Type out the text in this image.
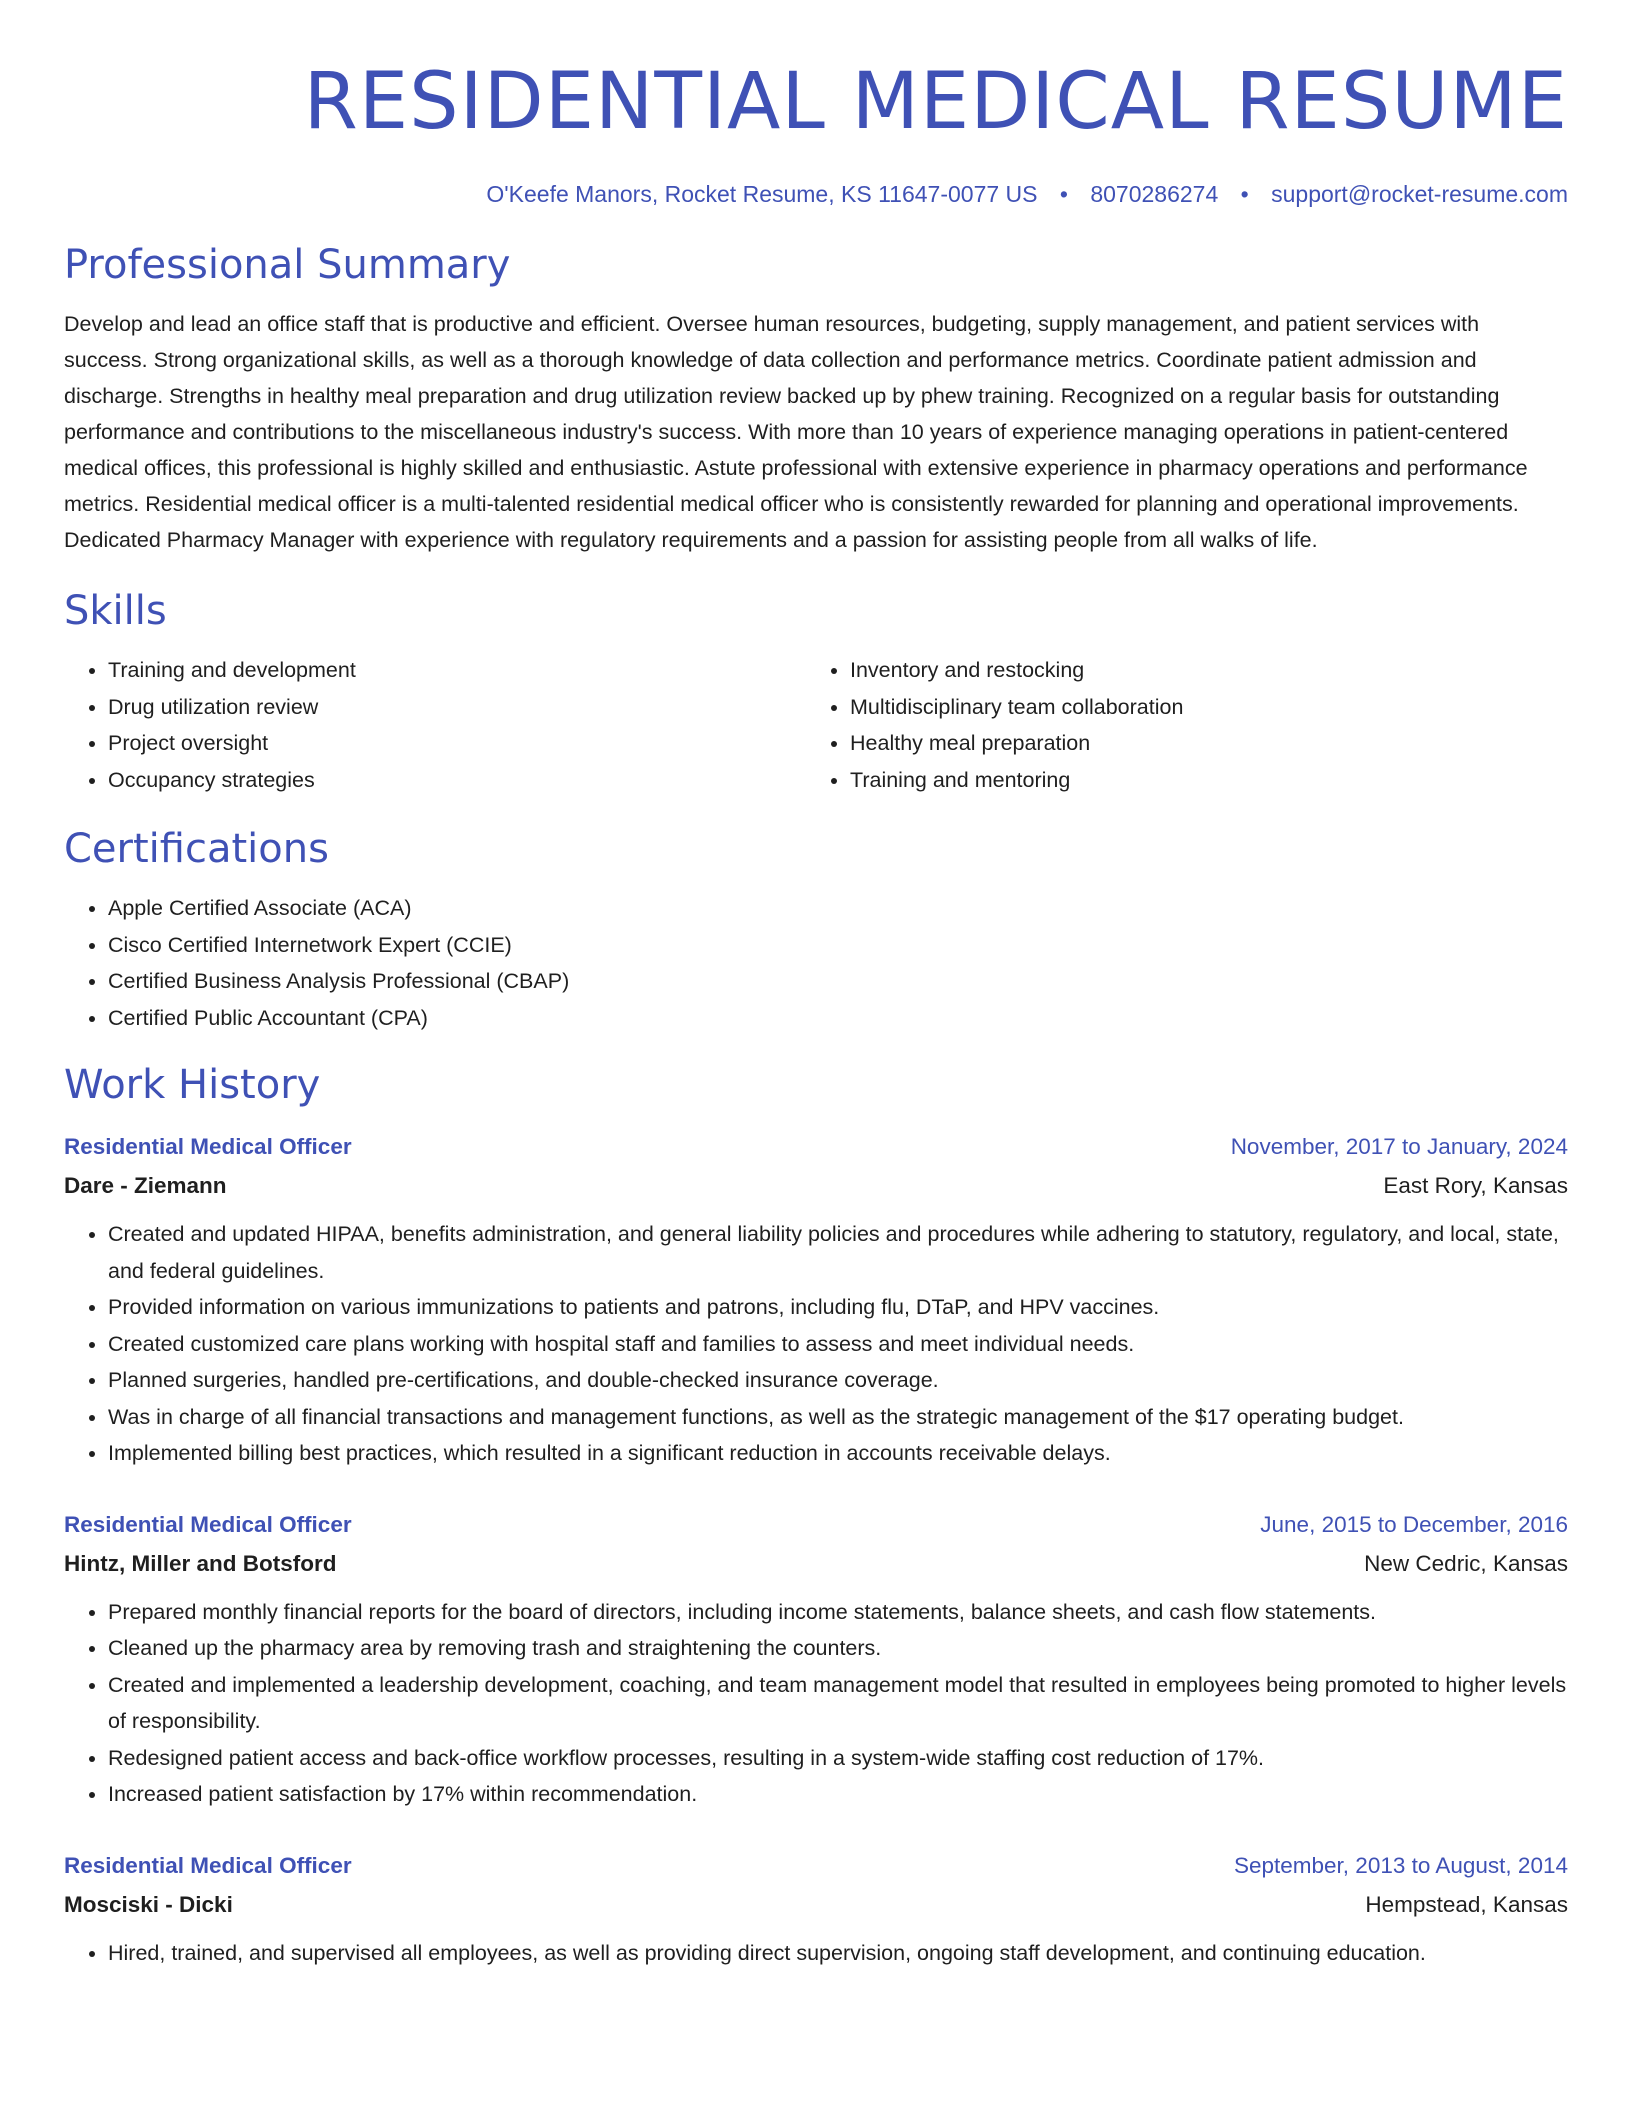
RESIDENTIAL MEDICAL RESUME
O'Keefe Manors, Rocket Resume, KS 11647-0077 US • 8070286274 • support@rocket-resume.com
Professional Summary

Develop and lead an office staff that is productive and efficient. Oversee human resources, budgeting, supply management, and patient services with success. Strong organizational skills, as well as a thorough knowledge of data collection and performance metrics. Coordinate patient admission and discharge. Strengths in healthy meal preparation and drug utilization review backed up by phew training. Recognized on a regular basis for outstanding performance and contributions to the miscellaneous industry's success. With more than 10 years of experience managing operations in patient-centered medical offices, this professional is highly skilled and enthusiastic. Astute professional with extensive experience in pharmacy operations and performance metrics. Residential medical officer is a multi-talented residential medical officer who is consistently rewarded for planning and operational improvements. Dedicated Pharmacy Manager with experience with regulatory requirements and a passion for assisting people from all walks of life.

Skills
• Training and development
• Drug utilization review
• Project oversight
• Occupancy strategies
• Inventory and restocking
• Multidisciplinary team collaboration
• Healthy meal preparation
• Training and mentoring
Certifications
• Apple Certified Associate (ACA)
• Cisco Certified Internetwork Expert (CCIE)
• Certified Business Analysis Professional (CBAP)
• Certified Public Accountant (CPA)
Work History
Residential Medical Officer	November, 2017 to January, 2024
Dare - Ziemann	East Rory, Kansas
• Created and updated HIPAA, benefits administration, and general liability policies and procedures while adhering to statutory, regulatory, and local, state, and federal guidelines.
• Provided information on various immunizations to patients and patrons, including flu, DTaP, and HPV vaccines.
• Created customized care plans working with hospital staff and families to assess and meet individual needs.
• Planned surgeries, handled pre-certifications, and double-checked insurance coverage.
• Was in charge of all financial transactions and management functions, as well as the strategic management of the $17 operating budget.
• Implemented billing best practices, which resulted in a significant reduction in accounts receivable delays.
Residential Medical Officer	June, 2015 to December, 2016
Hintz, Miller and Botsford	New Cedric, Kansas
• Prepared monthly financial reports for the board of directors, including income statements, balance sheets, and cash flow statements.
• Cleaned up the pharmacy area by removing trash and straightening the counters.
• Created and implemented a leadership development, coaching, and team management model that resulted in employees being promoted to higher levels of responsibility.
• Redesigned patient access and back-office workflow processes, resulting in a system-wide staffing cost reduction of 17%.
• Increased patient satisfaction by 17% within recommendation.
Residential Medical Officer	September, 2013 to August, 2014
Mosciski - Dicki	Hempstead, Kansas
• Hired, trained, and supervised all employees, as well as providing direct supervision, ongoing staff development, and continuing education.
